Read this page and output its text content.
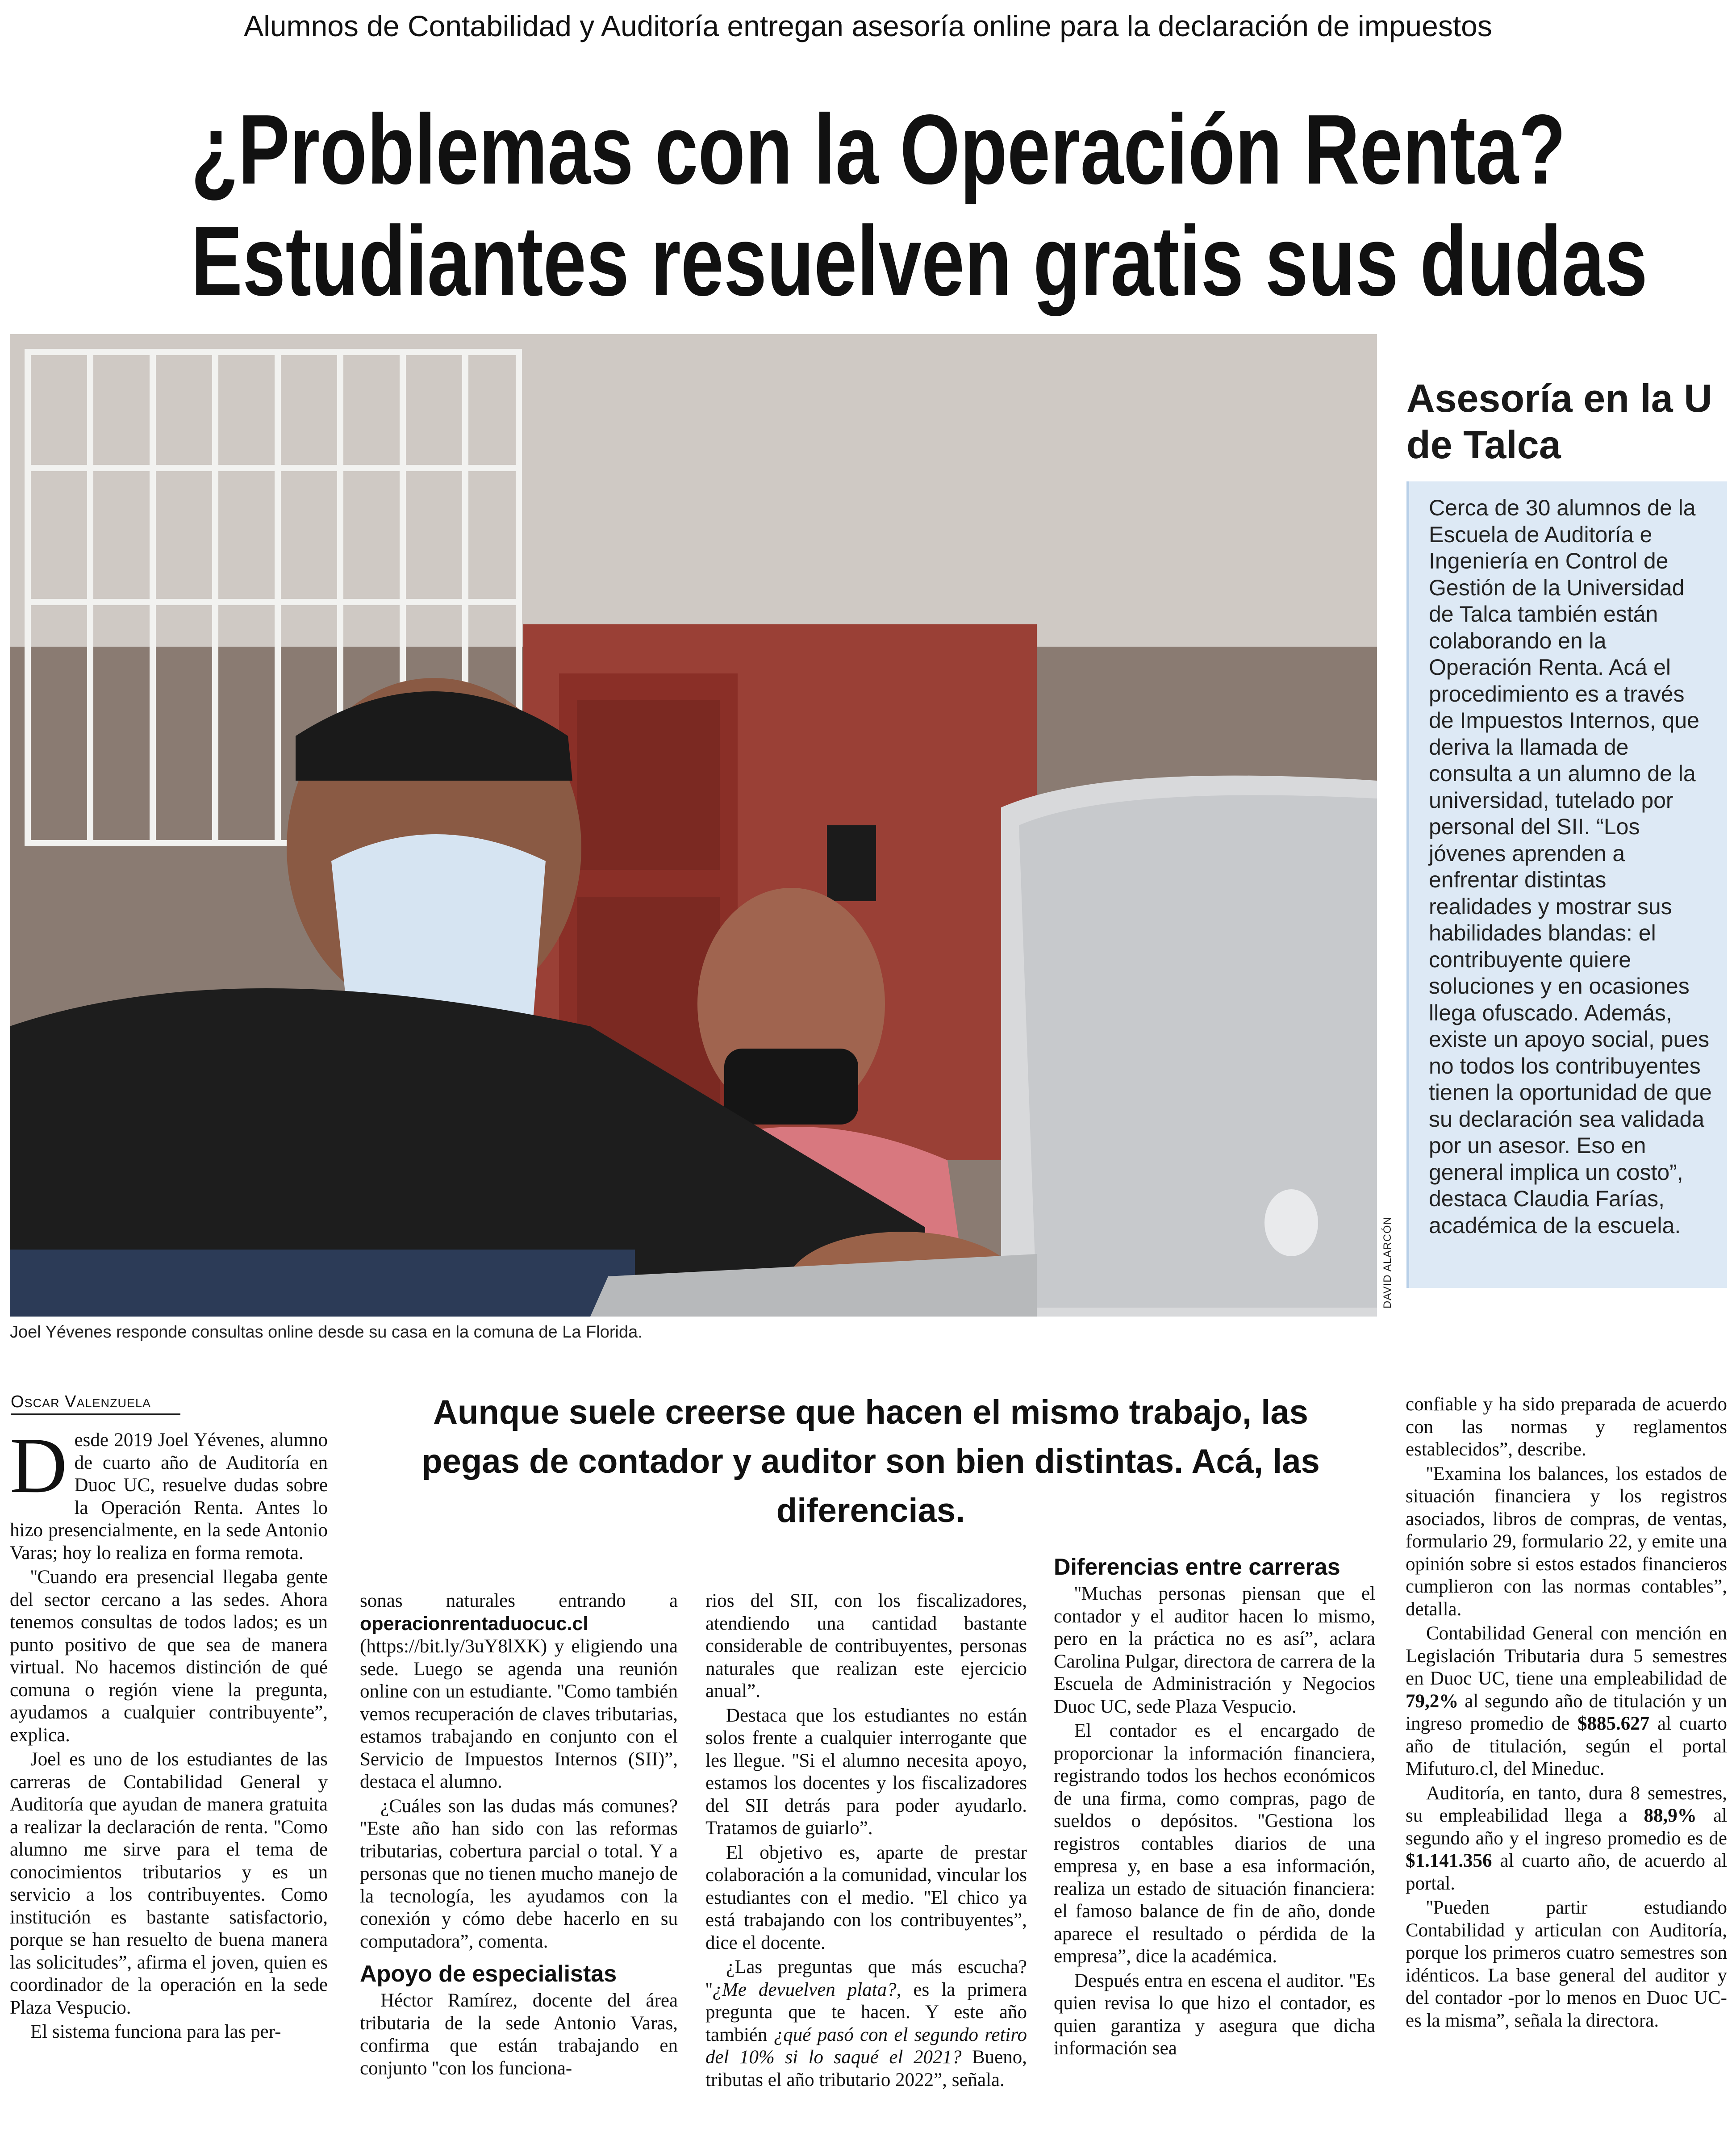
Alumnos de Contabilidad y Auditoría entregan asesoría online para la declaración de impuestos
¿Problemas con la Operación Renta?
Estudiantes resuelven gratis sus dudas
DAVID ALARCÓN
Joel Yévenes responde consultas online desde su casa en la comuna de La Florida.
Asesoría en la U de Talca

Cerca de 30 alumnos de la Escuela de Auditoría e Ingeniería en Control de Gestión de la Universidad de Talca también están colaborando en la Operación Renta. Acá el procedimiento es a través de Impuestos Internos, que deriva la llamada de consulta a un alumno de la universidad, tutelado por personal del SII. “Los jóvenes aprenden a enfrentar distintas realidades y mostrar sus habilidades blandas: el contribuyente quiere soluciones y en ocasiones llega ofuscado. Además, existe un apoyo social, pues no todos los contribuyentes tienen la oportunidad de que su declaración sea validada por un asesor. Eso en general implica un costo”, destaca Claudia Farías, académica de la escuela.

Oscar Valenzuela	Aunque suele creerse que hacen el mismo trabajo, las pegas de contador y auditor son bien distintas. Acá, las diferencias.

Desde 2019 Joel Yévenes, alumno de cuarto año de Auditoría en Duoc UC, resuelve dudas sobre la Operación Renta. Antes lo hizo presencialmente, en la sede Antonio Varas; hoy lo realiza en forma remota.

''Cuando era presencial llegaba gente del sector cercano a las sedes. Ahora tenemos consultas de todos lados; es un punto positivo de que sea de manera virtual. No hacemos distinción de qué comuna o región viene la pregunta, ayudamos a cualquier contribuyente”, explica.

Joel es uno de los estudiantes de las carreras de Contabilidad General y Auditoría que ayudan de manera gratuita a realizar la declaración de renta. ''Como alumno me sirve para el tema de conocimientos tributarios y es un servicio a los contribuyentes. Como institución es bastante satisfactorio, porque se han resuelto de buena manera las solicitudes”, afirma el joven, quien es coordinador de la operación en la sede Plaza Vespucio.

El sistema funciona para las per-

sonas naturales entrando a operacionrentaduocuc.cl (https://bit.ly/3uY8lXK) y eligiendo una sede. Luego se agenda una reunión online con un estudiante. ''Como también vemos recuperación de claves tributarias, estamos trabajando en conjunto con el Servicio de Impuestos Internos (SII)”, destaca el alumno.

¿Cuáles son las dudas más comunes? ''Este año han sido con las reformas tributarias, cobertura parcial o total. Y a personas que no tienen mucho manejo de la tecnología, les ayudamos con la conexión y cómo debe hacerlo en su computadora”, comenta.

Apoyo de especialistas

Héctor Ramírez, docente del área tributaria de la sede Antonio Varas, confirma que están trabajando en conjunto ''con los funciona-

rios del SII, con los fiscalizadores, atendiendo una cantidad bastante considerable de contribuyentes, personas naturales que realizan este ejercicio anual”.

Destaca que los estudiantes no están solos frente a cualquier interrogante que les llegue. ''Si el alumno necesita apoyo, estamos los docentes y los fiscalizadores del SII detrás para poder ayudarlo. Tratamos de guiarlo”.

El objetivo es, aparte de prestar colaboración a la comunidad, vincular los estudiantes con el medio. ''El chico ya está trabajando con los contribuyentes”, dice el docente.

¿Las preguntas que más escucha? ''¿Me devuelven plata?, es la primera pregunta que te hacen. Y este año también ¿qué pasó con el segundo retiro del 10% si lo saqué el 2021? Bueno, tributas el año tributario 2022”, señala.

Diferencias entre carreras

''Muchas personas piensan que el contador y el auditor hacen lo mismo, pero en la práctica no es así”, aclara Carolina Pulgar, directora de carrera de la Escuela de Administración y Negocios Duoc UC, sede Plaza Vespucio.

El contador es el encargado de proporcionar la información financiera, registrando todos los hechos económicos de una firma, como compras, pago de sueldos o depósitos. ''Gestiona los registros contables diarios de una empresa y, en base a esa información, realiza un estado de situación financiera: el famoso balance de fin de año, donde aparece el resultado o pérdida de la empresa”, dice la académica.

Después entra en escena el auditor. ''Es quien revisa lo que hizo el contador, es quien garantiza y asegura que dicha información sea

confiable y ha sido preparada de acuerdo con las normas y reglamentos establecidos”, describe.

''Examina los balances, los estados de situación financiera y los registros asociados, libros de compras, de ventas, formulario 29, formulario 22, y emite una opinión sobre si estos estados financieros cumplieron con las normas contables”, detalla.

Contabilidad General con mención en Legislación Tributaria dura 5 semestres en Duoc UC, tiene una empleabilidad de 79,2% al segundo año de titulación y un ingreso promedio de $885.627 al cuarto año de titulación, según el portal Mifuturo.cl, del Mineduc.

Auditoría, en tanto, dura 8 semestres, su empleabilidad llega a 88,9% al segundo año y el ingreso promedio es de $1.141.356 al cuarto año, de acuerdo al portal.

''Pueden partir estudiando Contabilidad y articulan con Auditoría, porque los primeros cuatro semestres son idénticos. La base general del auditor y del contador -por lo menos en Duoc UC- es la misma”, señala la directora.
